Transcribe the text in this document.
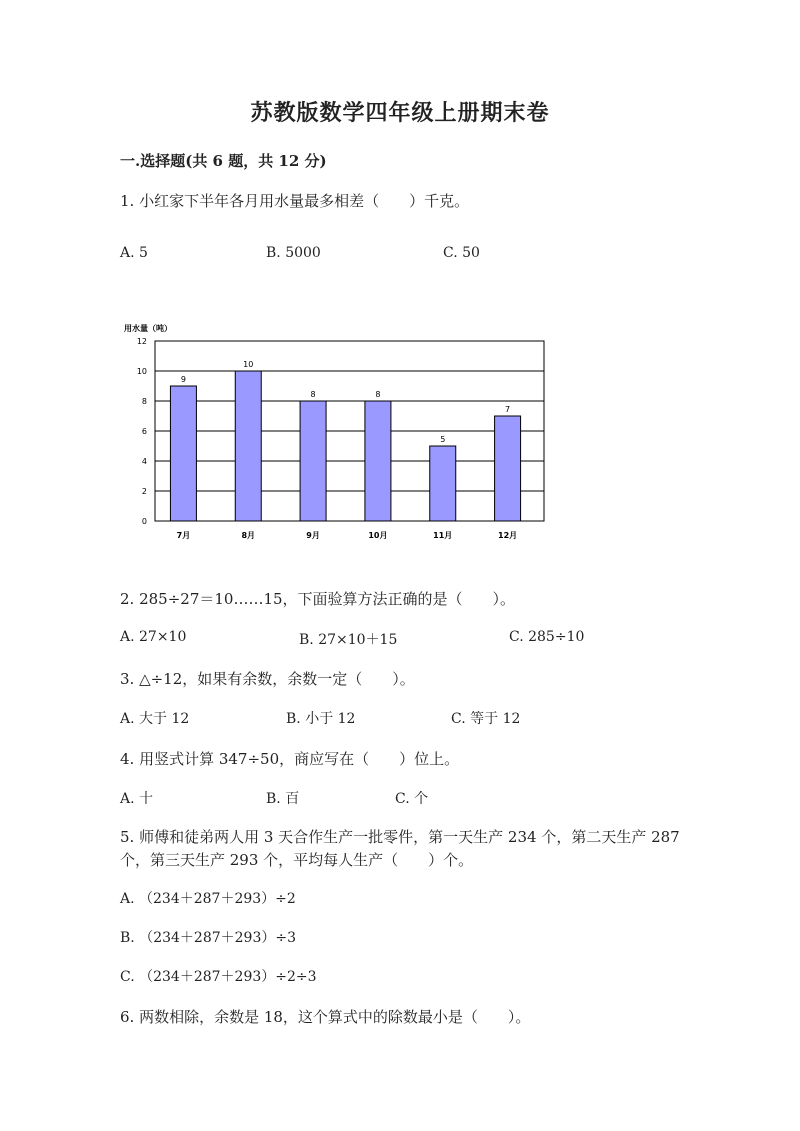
苏教版数学四年级上册期末卷
一.选择题(共 6 题，共 12 分)
1. 小红家下半年各月用水量最多相差（　　）千克。
A. 5	B. 5000	C. 50
0
2
4
6
8
10
12
用水量（吨）
9
7月
10
8月
8
9月
8
10月
5
11月
7
12月
2. 285÷27＝10……15，下面验算方法正确的是（　　）。
A. 27×10	B. 27×10＋15	C. 285÷10
3. △÷12，如果有余数，余数一定（　　）。
A. 大于 12	B. 小于 12	C. 等于 12
4. 用竖式计算 347÷50，商应写在（　　）位上。
A. 十	B. 百	C. 个
5. 师傅和徒弟两人用 3 天合作生产一批零件，第一天生产 234 个，第二天生产 287 个，第三天生产 293 个，平均每人生产（　　）个。
A. （234＋287＋293）÷2
B. （234＋287＋293）÷3
C. （234＋287＋293）÷2÷3
6. 两数相除，余数是 18，这个算式中的除数最小是（　　）。
